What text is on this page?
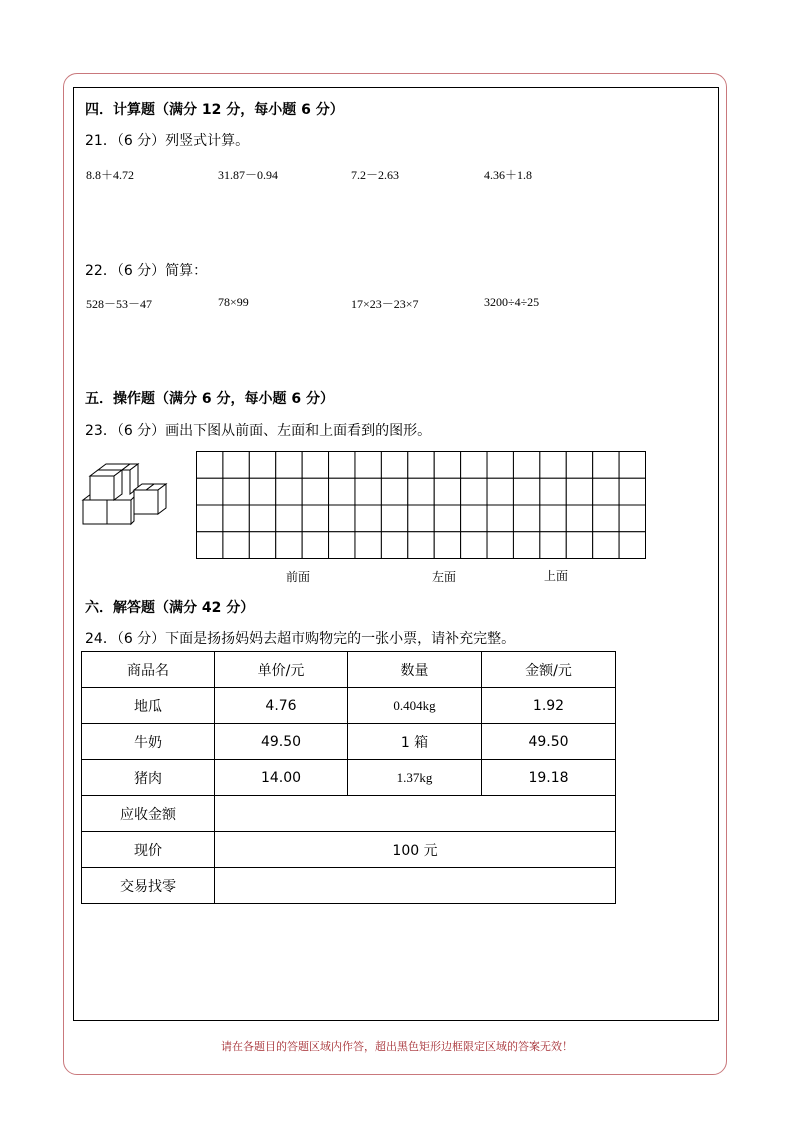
四．计算题（满分 12 分，每小题 6 分）
21．（6 分）列竖式计算。
8.8＋4.72	31.87－0.94	7.2－2.63	4.36＋1.8
22．（6 分）简算：
528－53－47	78×99	17×23－23×7	3200÷4÷25
五．操作题（满分 6 分，每小题 6 分）
23．（6 分）画出下图从前面、左面和上面看到的图形。
前面	左面	上面
六．解答题（满分 42 分）
24．（6 分）下面是扬扬妈妈去超市购物完的一张小票，请补充完整。
商品名	单价/元	数量	金额/元
地瓜	4.76	0.404kg	1.92
牛奶	49.50	1 箱	49.50
猪肉	14.00	1.37kg	19.18
应收金额			
现价	100 元		
交易找零			
请在各题目的答题区域内作答，超出黑色矩形边框限定区域的答案无效！
